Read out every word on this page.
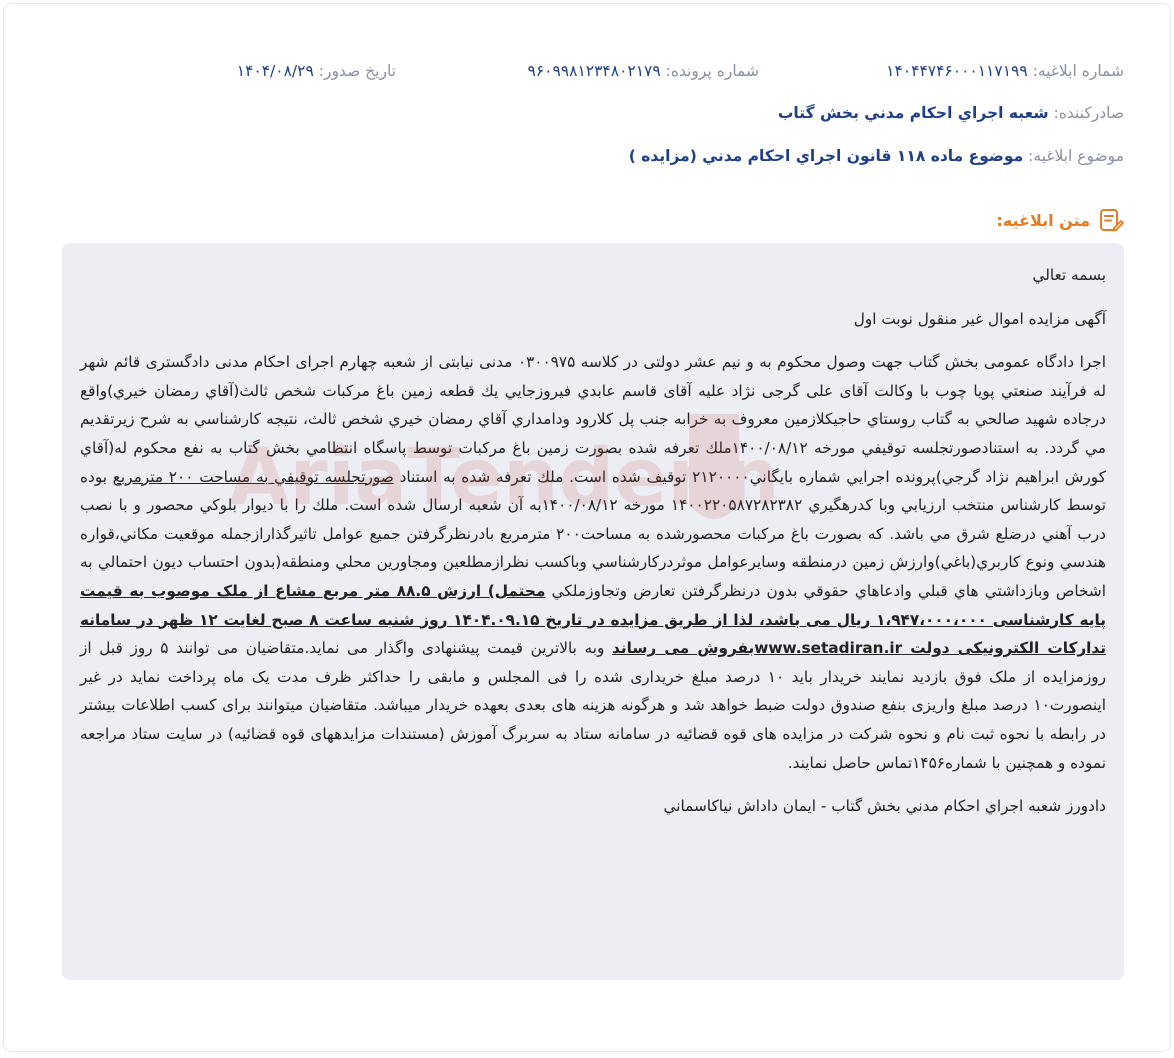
شماره ابلاغیه: ۱۴۰۴۴۷۴۶۰۰۰۱۱۷۱۹۹
شماره پرونده: ۹۶۰۹۹۸۱۲۳۴۸۰۲۱۷۹
تاریخ صدور: ۱۴۰۴/۰۸/۲۹
صادرکننده: شعبه اجراي احكام مدني بخش گتاب
موضوع ابلاغیه: موضوع ماده ۱۱۸ قانون اجراي احكام مدني (مزايده )
متن ابلاغیه:

بسمه تعالي

آگهی مزایده اموال غیر منقول نوبت اول

اجرا دادگاه عمومی بخش گتاب جهت وصول محکوم به و نیم عشر دولتی در کلاسه ۰۳۰۰۹۷۵ مدنی نیابتی از شعبه چهارم اجرای احکام مدنی دادگستری قائم شهر له فرآیند صنعتي پويا چوب با وكالت آقای علی گرجی نژاد علیه آقای قاسم عابدي فيروزجايي يك قطعه زمين باغ مركبات شخص ثالث(آقاي رمضان خيري)واقع درجاده شهيد صالحي به گتاب روستاي حاجيكلازمين معروف به خرابه جنب پل كلارود ودامداري آقاي رمضان خيري شخص ثالث، نتيجه كارشناسي به شرح زيرتقديم مي گردد. به استنادصورتجلسه توقيفي مورخه ۱۴۰۰/۰۸/۱۲ملك تعرفه شده بصورت زمين باغ مركبات توسط پاسگاه انتظامي بخش گتاب به نفع محكوم له(آقاي كورش ابراهيم نژاد گرجي)پرونده اجرايي شماره بايگاني۲۱۲۰۰۰۰ توقيف شده است. ملك تعرفه شده به استناد صورتجلسه توقيفي به مساحت ۲۰۰ مترمربع بوده توسط كارشناس منتخب ارزيابي وبا كدرهگيري ۱۴۰۰۲۲۰۵۸۷۲۸۲۳۸۲ مورخه ۱۴۰۰/۰۸/۱۲به آن شعبه ارسال شده است. ملك را با ديوار بلوكي محصور و با نصب درب آهني درضلع شرق مي باشد. كه بصورت باغ مركبات محصورشده به مساحت۲۰۰ مترمربع بادرنظرگرفتن جميع عوامل تاثيرگذارازجمله موقعيت مكاني،قواره هندسي ونوع كاربري(باغي)وارزش زمين درمنطقه وسايرعوامل موثردركارشناسي وباكسب نظرازمطلعين ومجاورين محلي ومنطقه(بدون احتساب ديون احتمالي به اشخاص وبازداشتي هاي قبلي وادعاهاي حقوقي بدون درنظرگرفتن تعارض وتجاوزملكي محتمل) ارزش ۸۸.۵ متر مربع مشاع از ملک موصوب به قیمت پایه کارشناسی ۱،۹۴۷،۰۰۰،۰۰۰ ریال می باشد، لذا از طریق مزایده در تاریخ ۱۴۰۴.۰۹.۱۵ روز شنبه ساعت ۸ صبح لغایت ۱۲ ظهر در سامانه تدارکات الکترونیکی دولت www.setadiran.irبفروش می رساند وبه بالاترین قیمت پیشنهادی واگذار می نماید.متقاضیان می توانند ۵ روز قبل از روزمزایده از ملک فوق بازدید نمایند خریدار باید ۱۰ درصد مبلغ خریداری شده را فی المجلس و مابقی را حداکثر ظرف مدت یک ماه پرداخت نماید در غیر اینصورت۱۰ درصد مبلغ واریزی بنفع صندوق دولت ضبط خواهد شد و هرگونه هزینه های بعدی بعهده خریدار میباشد. متقاضیان میتوانند برای کسب اطلاعات بیشتر در رابطه با نحوه ثبت نام و نحوه شرکت در مزایده های قوه قضائیه در سامانه ستاد به سربرگ آموزش (مستندات مزایدههای قوه قضائیه) در سایت ستاد مراجعه نموده و همچنین با شماره۱۴۵۶تماس حاصل نمایند.

دادورز شعبه اجراي احكام مدني بخش گتاب - ايمان داداش نياكاسماني
